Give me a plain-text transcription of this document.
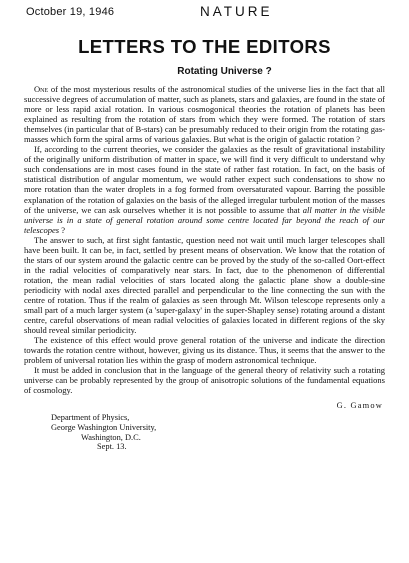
October 19, 1946	NATURE
LETTERS TO THE EDITORS
Rotating Universe ?

One of the most mysterious results of the astronomical studies of the universe lies in the fact that all successive degrees of accumulation of matter, such as planets, stars and galaxies, are found in the state of more or less rapid axial rotation. In various cosmogonical theories the rotation of planets has been explained as resulting from the rotation of stars from which they were formed. The rotation of stars themselves (in particular that of B-stars) can be presumably reduced to their origin from the rotating gas-masses which form the spiral arms of various galaxies. But what is the origin of galactic rotation ?

If, according to the current theories, we consider the galaxies as the result of gravitational instability of the originally uniform distribution of matter in space, we will find it very difficult to understand why such condensations are in most cases found in the state of rather fast rotation. In fact, on the basis of statistical distribution of angular momentum, we would rather expect such condensations to show no more rotation than the water droplets in a fog formed from oversaturated vapour. Barring the possible explanation of the rotation of galaxies on the basis of the alleged irregular turbulent motion of the masses of the universe, we can ask ourselves whether it is not possible to assume that all matter in the visible universe is in a state of general rotation around some centre located far beyond the reach of our telescopes ?

The answer to such, at first sight fantastic, question need not wait until much larger telescopes shall have been built. It can be, in fact, settled by present means of observation. We know that the rotation of the stars of our system around the galactic centre can be proved by the study of the so-called Oort-effect in the radial velocities of comparatively near stars. In fact, due to the phenomenon of differential rotation, the mean radial velocities of stars located along the galactic plane show a double-sine periodicity with nodal axes directed parallel and perpendicular to the line connecting the sun with the centre of rotation. Thus if the realm of galaxies as seen through Mt. Wilson telescope represents only a small part of a much larger system (a 'super-galaxy' in the super-Shapley sense) rotating around a distant centre, careful observations of mean radial velocities of galaxies located in different regions of the sky should reveal similar periodicity.

The existence of this effect would prove general rotation of the universe and indicate the direction towards the rotation centre without, however, giving us its distance. Thus, it seems that the answer to the problem of universal rotation lies within the grasp of modern astronomical technique.

It must be added in conclusion that in the language of the general theory of relativity such a rotating universe can be probably represented by the group of anisotropic solutions of the fundamental equations of cosmology.

G. Gamow
Department of Physics,
George Washington University,
Washington, D.C.
Sept. 13.
